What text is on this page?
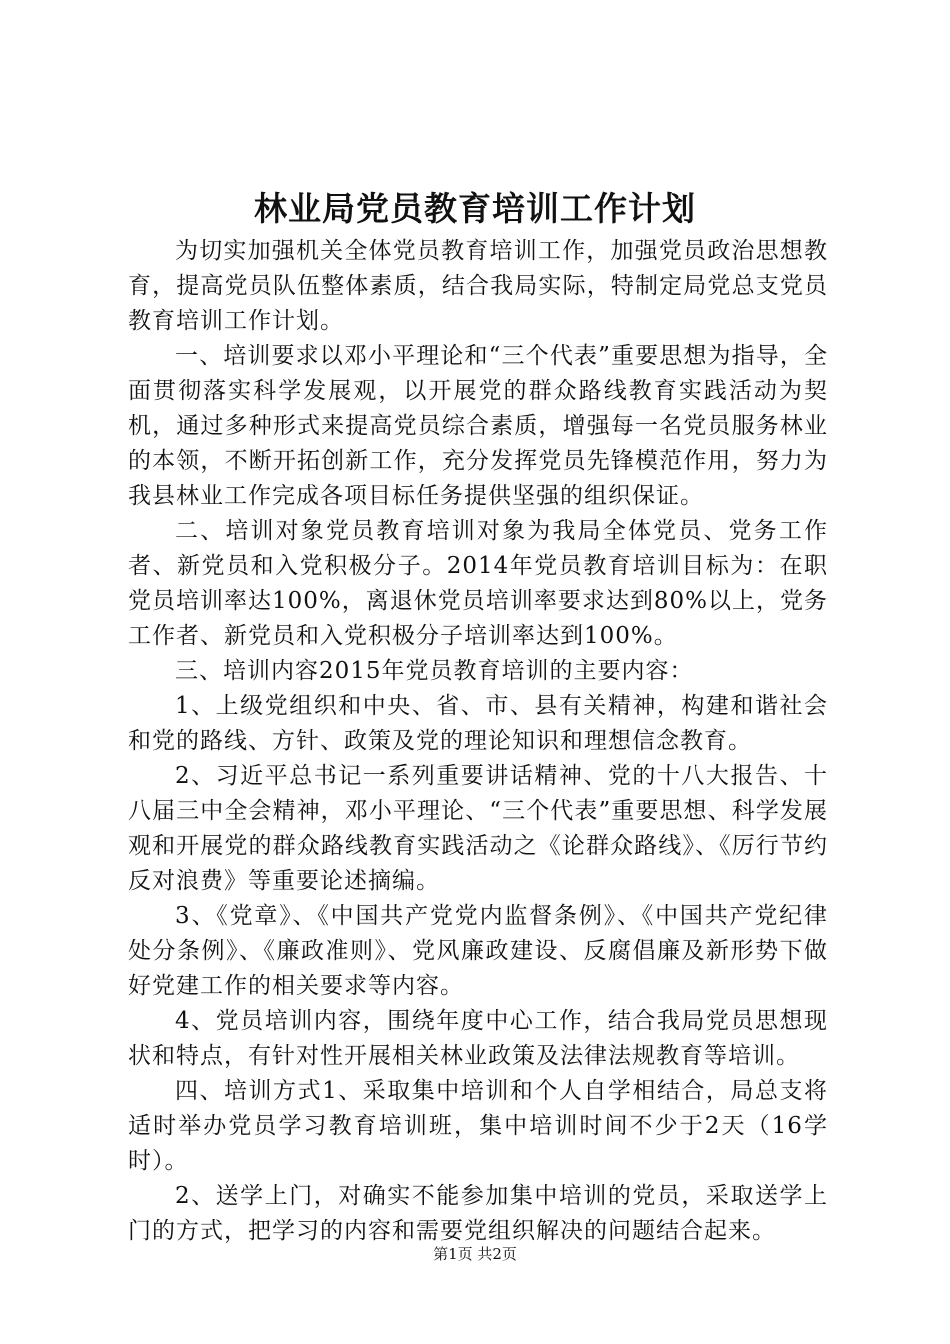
林业局党员教育培训工作计划

为切实加强机关全体党员教育培训工作，加强党员政治思想教育，提高党员队伍整体素质，结合我局实际，特制定局党总支党员教育培训工作计划。

一、培训要求以邓小平理论和“三个代表”重要思想为指导，全面贯彻落实科学发展观，以开展党的群众路线教育实践活动为契机，通过多种形式来提高党员综合素质，增强每一名党员服务林业的本领，不断开拓创新工作，充分发挥党员先锋模范作用，努力为我县林业工作完成各项目标任务提供坚强的组织保证。

二、培训对象党员教育培训对象为我局全体党员、党务工作者、新党员和入党积极分子。2014年党员教育培训目标为：在职党员培训率达100%，离退休党员培训率要求达到80%以上，党务工作者、新党员和入党积极分子培训率达到100%。

三、培训内容2015年党员教育培训的主要内容：

1、上级党组织和中央、省、市、县有关精神，构建和谐社会和党的路线、方针、政策及党的理论知识和理想信念教育。

2、习近平总书记一系列重要讲话精神、党的十八大报告、十八届三中全会精神，邓小平理论、“三个代表”重要思想、科学发展观和开展党的群众路线教育实践活动之《论群众路线》、《厉行节约反对浪费》等重要论述摘编。

3、《党章》、《中国共产党党内监督条例》、《中国共产党纪律处分条例》、《廉政准则》、党风廉政建设、反腐倡廉及新形势下做好党建工作的相关要求等内容。

4、党员培训内容，围绕年度中心工作，结合我局党员思想现状和特点，有针对性开展相关林业政策及法律法规教育等培训。

四、培训方式1、采取集中培训和个人自学相结合，局总支将适时举办党员学习教育培训班，集中培训时间不少于2天（16学时）。

2、送学上门，对确实不能参加集中培训的党员，采取送学上门的方式，把学习的内容和需要党组织解决的问题结合起来。

第1页 共2页
